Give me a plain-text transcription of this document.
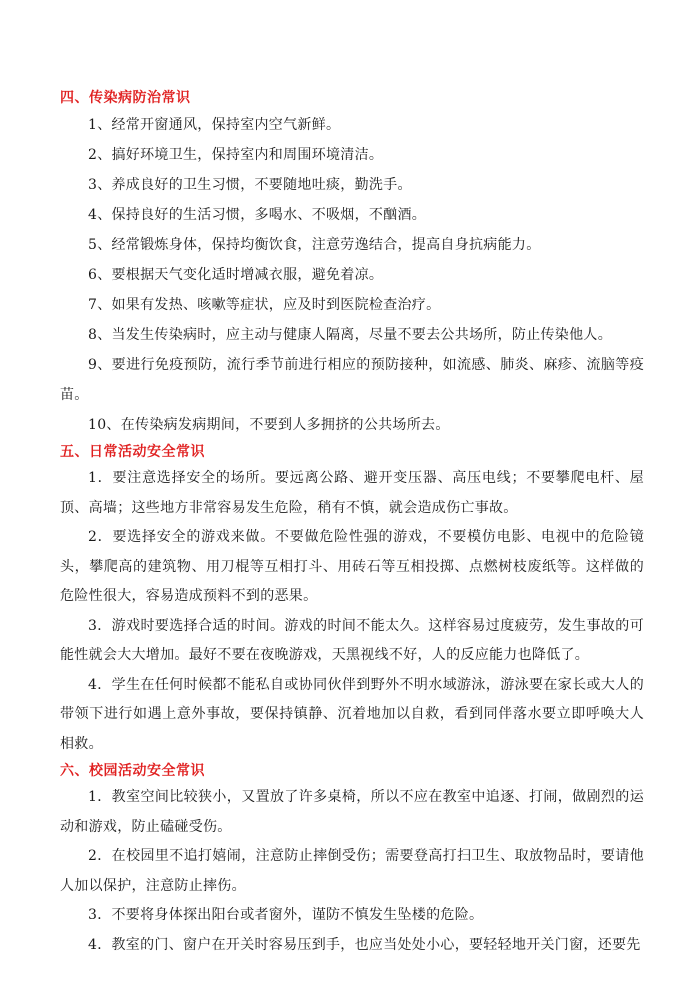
四、传染病防治常识

1、经常开窗通风，保持室内空气新鲜。

2、搞好环境卫生，保持室内和周围环境清洁。

3、养成良好的卫生习惯，不要随地吐痰，勤洗手。

4、保持良好的生活习惯，多喝水、不吸烟，不酗酒。

5、经常锻炼身体，保持均衡饮食，注意劳逸结合，提高自身抗病能力。

6、要根据天气变化适时增减衣服，避免着凉。

7、如果有发热、咳嗽等症状，应及时到医院检查治疗。

8、当发生传染病时，应主动与健康人隔离，尽量不要去公共场所，防止传染他人。

9、要进行免疫预防，流行季节前进行相应的预防接种，如流感、肺炎、麻疹、流脑等疫苗。

10、在传染病发病期间，不要到人多拥挤的公共场所去。

五、日常活动安全常识

1．要注意选择安全的场所。要远离公路、避开变压器、高压电线；不要攀爬电杆、屋顶、高墙；这些地方非常容易发生危险，稍有不慎，就会造成伤亡事故。

2．要选择安全的游戏来做。不要做危险性强的游戏，不要模仿电影、电视中的危险镜头，攀爬高的建筑物、用刀棍等互相打斗、用砖石等互相投掷、点燃树枝废纸等。这样做的危险性很大，容易造成预料不到的恶果。

3．游戏时要选择合适的时间。游戏的时间不能太久。这样容易过度疲劳，发生事故的可能性就会大大增加。最好不要在夜晚游戏，天黑视线不好，人的反应能力也降低了。

4．学生在任何时候都不能私自或协同伙伴到野外不明水域游泳，游泳要在家长或大人的带领下进行如遇上意外事故，要保持镇静、沉着地加以自救，看到同伴落水要立即呼唤大人相救。

六、校园活动安全常识

1．教室空间比较狭小，又置放了许多桌椅，所以不应在教室中追逐、打闹，做剧烈的运动和游戏，防止磕碰受伤。

2．在校园里不追打嬉闹，注意防止摔倒受伤；需要登高打扫卫生、取放物品时，要请他人加以保护，注意防止摔伤。

3．不要将身体探出阳台或者窗外，谨防不慎发生坠楼的危险。

4．教室的门、窗户在开关时容易压到手，也应当处处小心，要轻轻地开关门窗，还要先
